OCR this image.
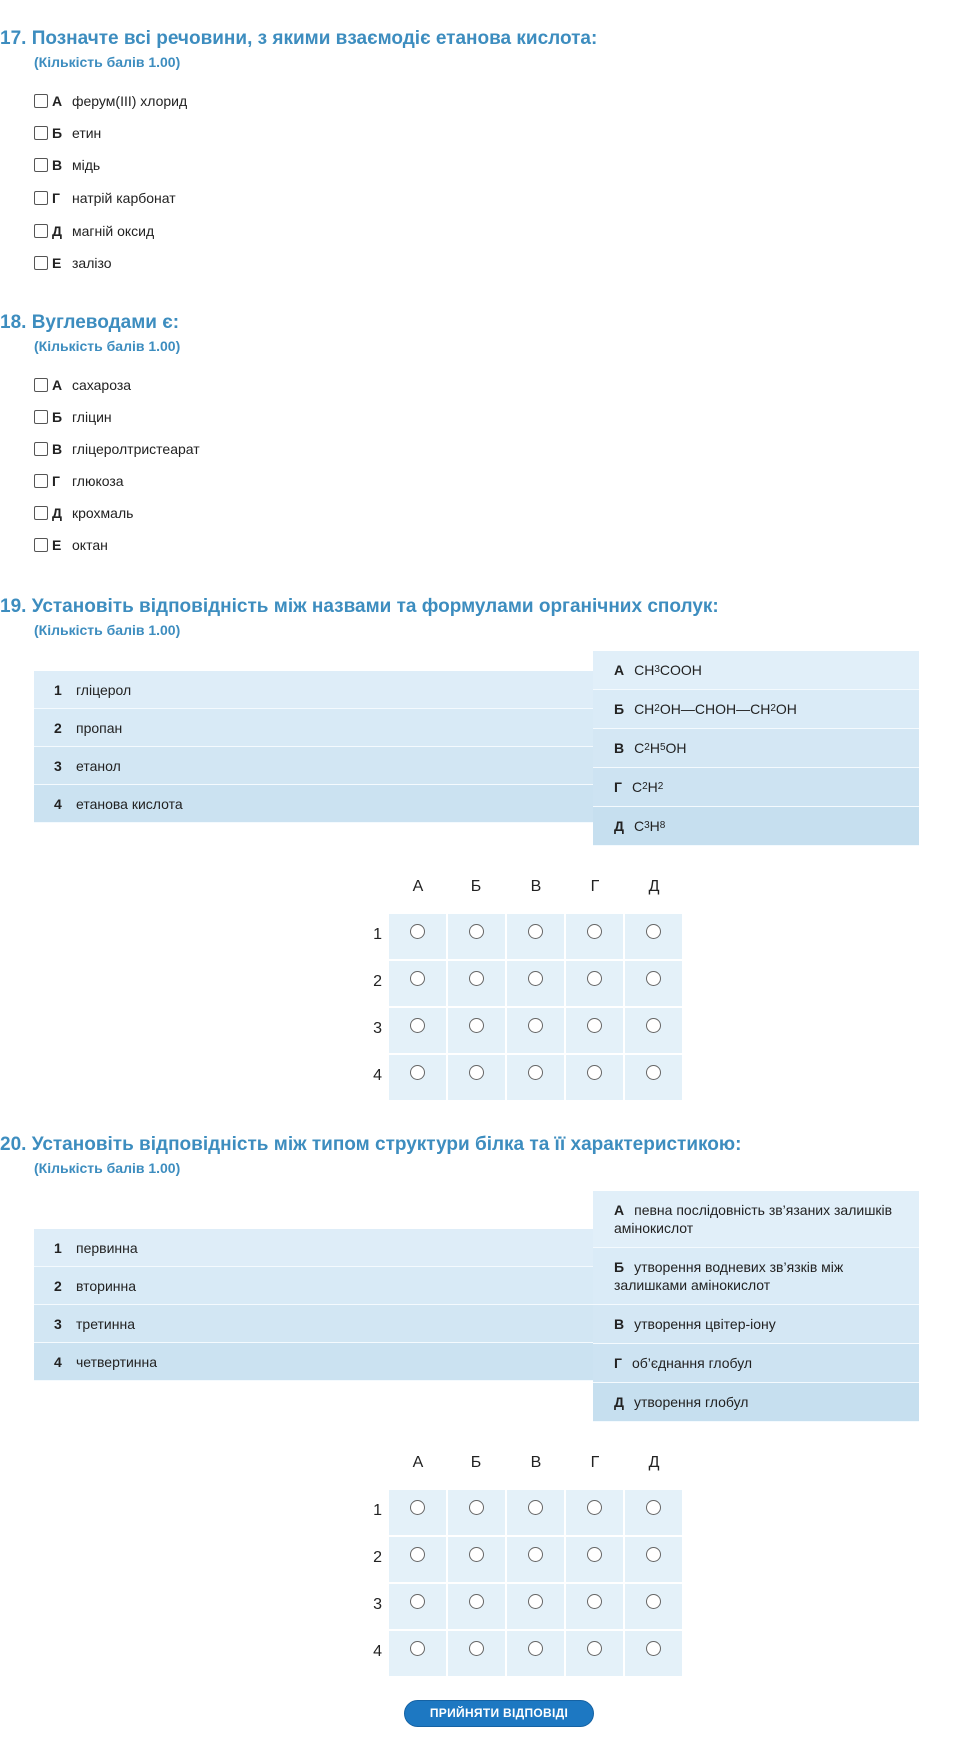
17. Позначте всі речовини, з якими взаємодіє етанова кислота:
(Кількість балів 1.00)
А ферум(ІІІ) хлорид
Б етин
В мідь
Г натрій карбонат
Д магній оксид
Е залізо
18. Вуглеводами є:
(Кількість балів 1.00)
А сахароза
Б гліцин
В гліцеролтристеарат
Г глюкоза
Д крохмаль
Е октан
19. Установіть відповідність між назвами та формулами органічних сполук:
(Кількість балів 1.00)
1	гліцерол
2	пропан
3	етанол
4	етанова кислота
А CH 3 COOH
Б CH 2 OH—CHOH—CH 2 OH
В C 2 H 5 OH
Г C 2 H 2
Д C 3 H 8
А	Б	В	Г	Д
1
2
3
4
20. Установіть відповідність між типом структури білка та її характеристикою:
(Кількість балів 1.00)
1	первинна
2	вторинна
3	третинна
4	четвертинна
А певна послідовність зв’язаних залишків амінокислот
Б утворення водневих зв’язків між залишками амінокислот
В утворення цвітер-іону
Г об’єднання глобул
Д утворення глобул
А	Б	В	Г	Д
1
2
3
4
ПРИЙНЯТИ ВІДПОВІДІ
